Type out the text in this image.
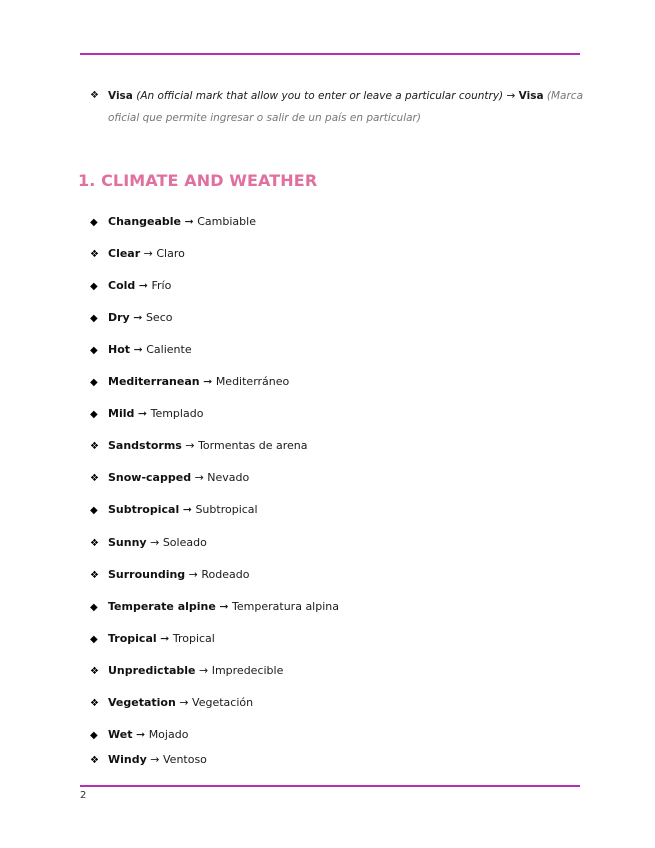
❖ Visa (An official mark that allow you to enter or leave a particular country) → Visa (Marca oficial que permite ingresar o salir de un país en particular)
1. CLIMATE AND WEATHER
◆ Changeable ➞ Cambiable
❖ Clear → Claro
◆ Cold ➞ Frío
◆ Dry ➞ Seco
◆ Hot ➞ Caliente
◆ Mediterranean ➞ Mediterráneo
◆ Mild ➞ Templado
❖ Sandstorms → Tormentas de arena
❖ Snow-capped → Nevado
◆ Subtropical ➞ Subtropical
❖ Sunny → Soleado
❖ Surrounding → Rodeado
◆ Temperate alpine ➞ Temperatura alpina
◆ Tropical ➞ Tropical
❖ Unpredictable → Impredecible
❖ Vegetation → Vegetación
◆ Wet ➞ Mojado
❖ Windy → Ventoso
2
